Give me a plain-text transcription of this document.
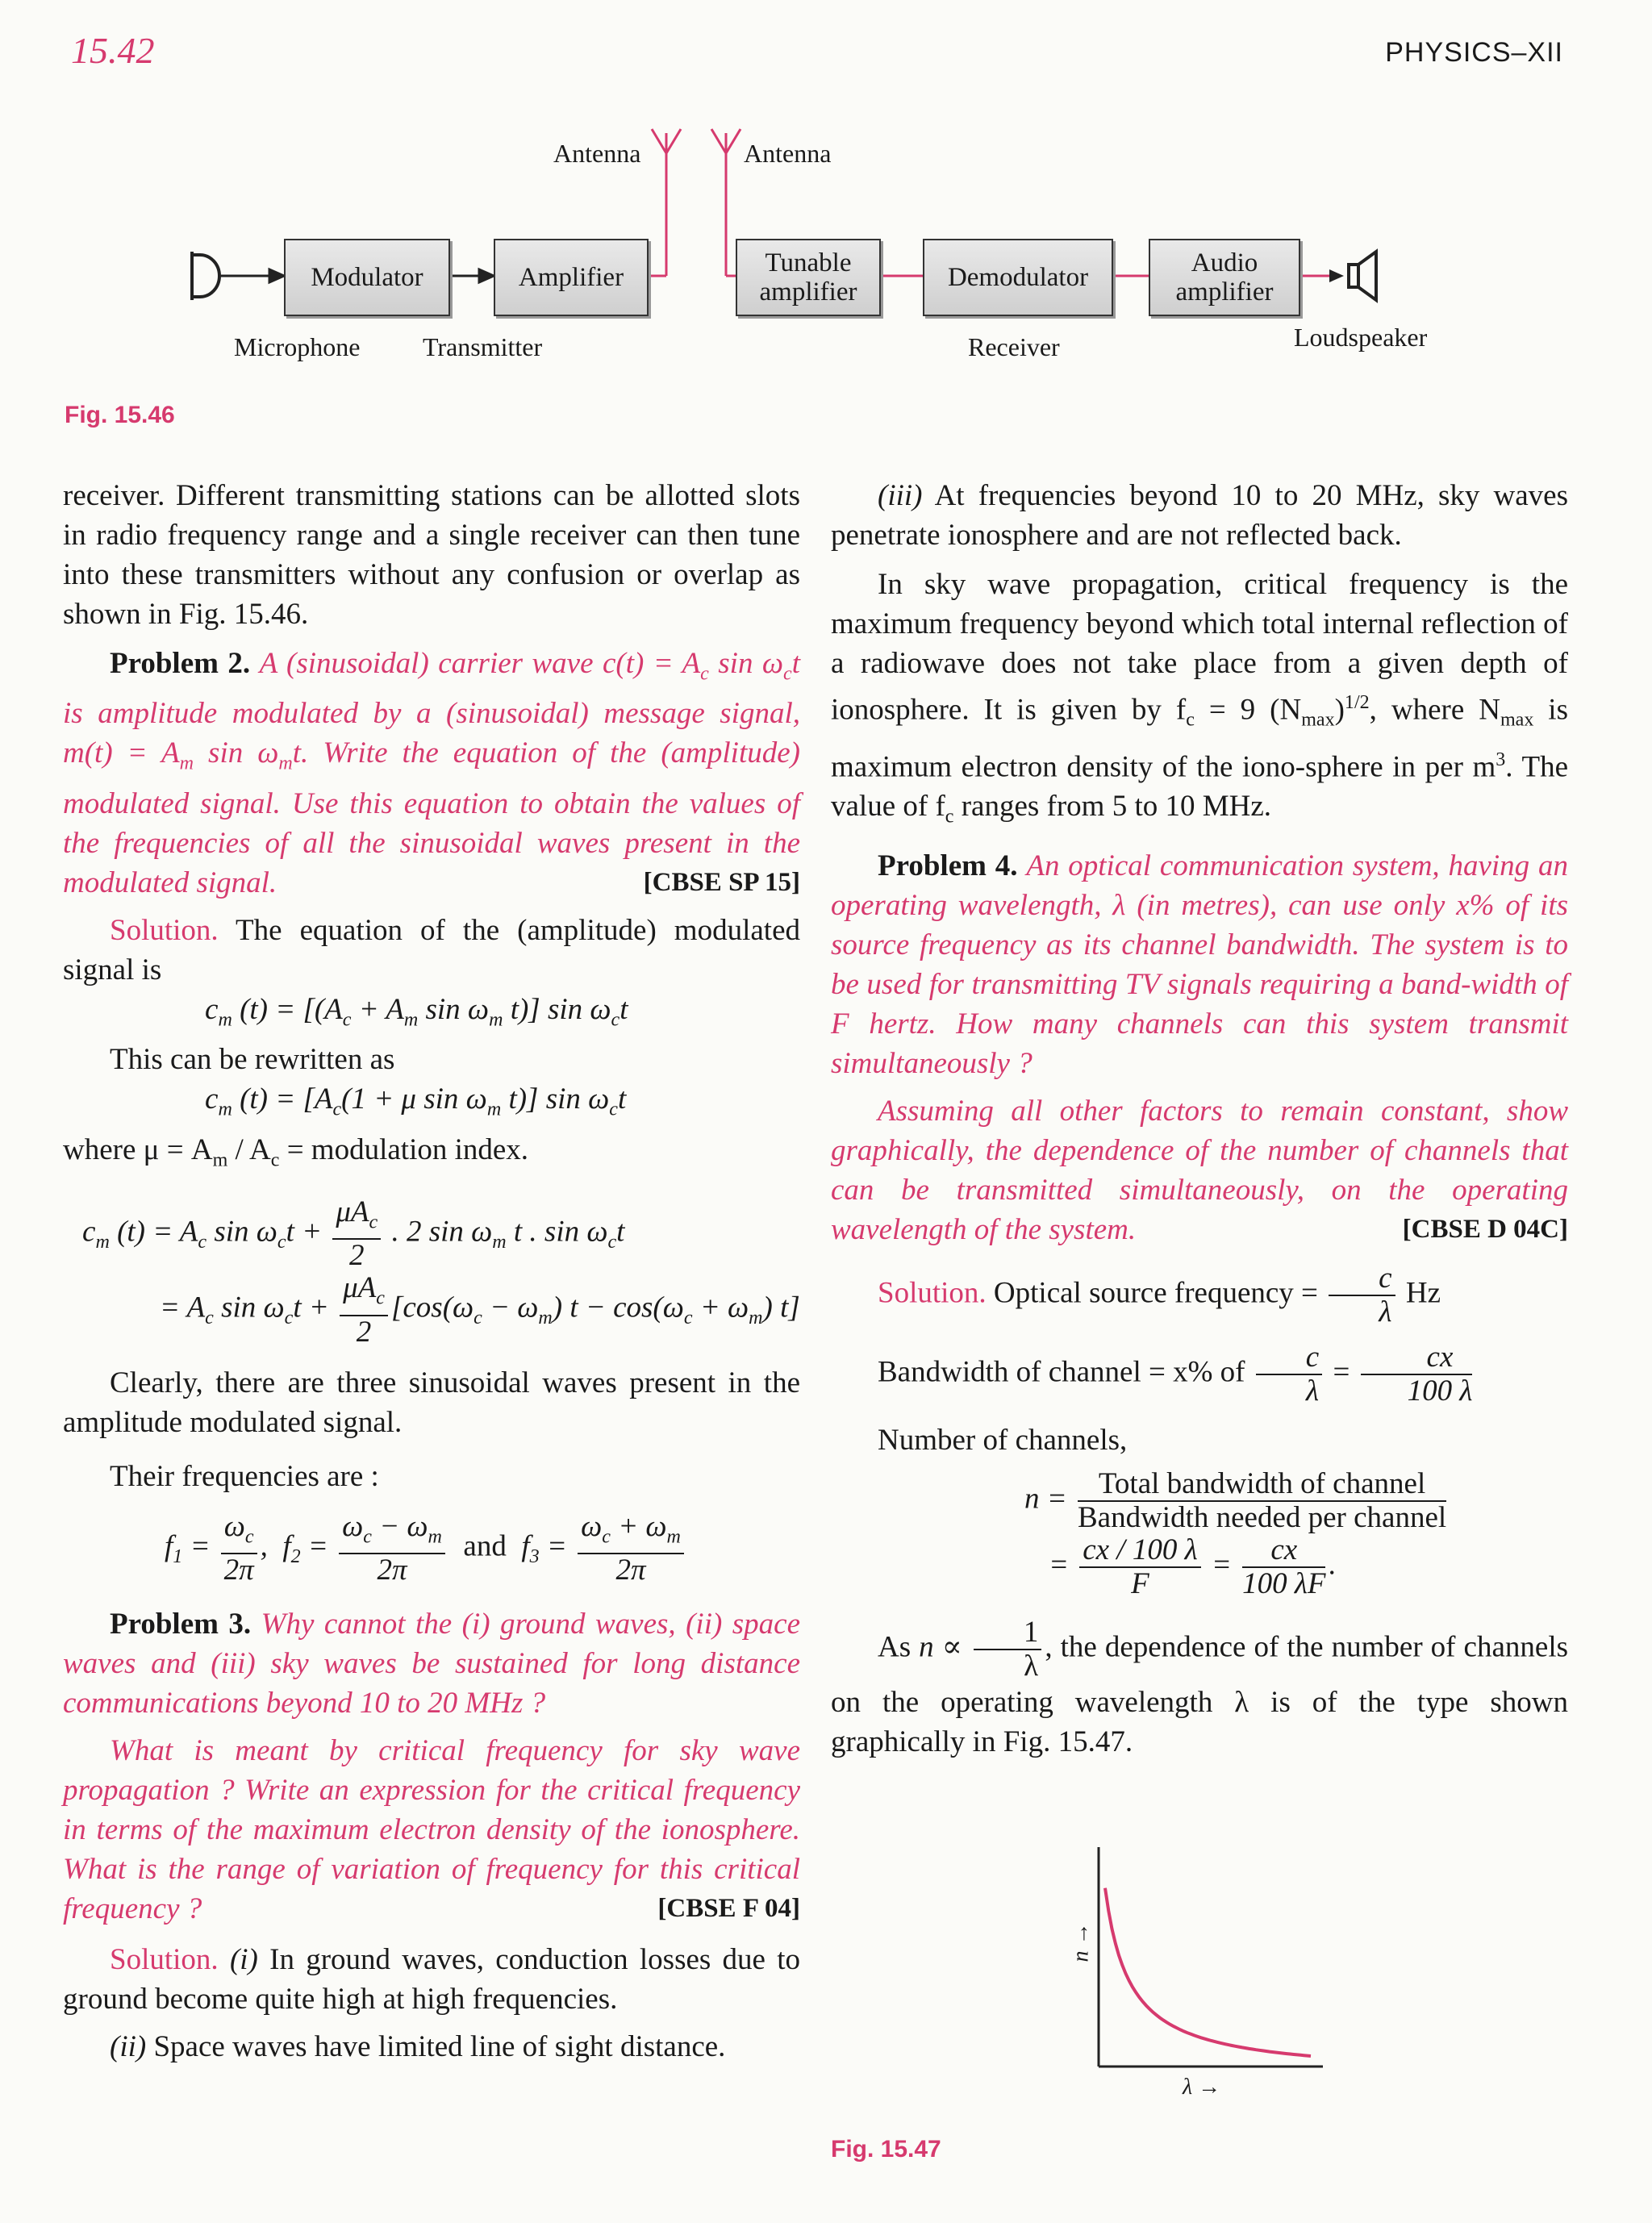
15.42	PHYSICS–XII
Antenna	Antenna
Modulator	Amplifier	Tunable amplifier	Demodulator	Audio amplifier
Microphone Transmitter	Receiver	Loudspeaker
Fig. 15.46

receiver. Different transmitting stations can be allotted slots in radio frequency range and a single receiver can then tune into these transmitters without any confusion or overlap as shown in Fig. 15.46.

Problem 2. A (sinusoidal) carrier wave $c(t) = A_c$ $\sin \omega_ct$ is amplitude modulated by a (sinusoidal) message signal, $m(t) = A_m$ $\sin \omega_mt$. Write the equation of the (amplitude) modulated signal. Use this equation to obtain the values of the frequencies of all the sinusoidal waves present in the modulated signal.	[CBSE SP 15]

Solution. The equation of the (amplitude) modulated signal is

$c_m$ $(t) = [(A_c + A_m$ $\sin \omega_m$ t)] $\sin \omega_ct$

This can be rewritten as

$c_m$ $(t) = [A_c(1 + \mu$ $\sin \omega_m$ t)] $\sin \omega_ct$

where $\mu = A_m / A_c$ = modulation index.

$c_m$ $(t) = A_c$ $\sin \omega_ct + \frac{\mu A_c}{2}$ . 2 $\sin \omega_m$ t . $\sin \omega_ct$

= $A_c$ $\sin \omega_ct + \frac{\mu A_c}{2} [\cos(\omega_c - \omega_m) t - \cos(\omega_c + \omega_m)$ t]

Clearly, there are three sinusoidal waves present in the amplitude modulated signal.

Their frequencies are :

$f_1 = \frac{\omega_c}{2\pi}$ ,  $f_2 = \frac{\omega_c - \omega_m}{2\pi}$ and  $f_3 = \frac{\omega_c + \omega_m}{2\pi}$

Problem 3. Why cannot the (i) ground waves, (ii) space waves and (iii) sky waves be sustained for long distance communications beyond 10 to 20 MHz ?

What is meant by critical frequency for sky wave propagation ? Write an expression for the critical frequency in terms of the maximum electron density of the ionosphere. What is the range of variation of frequency for this critical frequency ?	[CBSE F 04]

Solution. (i) In ground waves, conduction losses due to ground become quite high at high frequencies.

(ii) Space waves have limited line of sight distance.

(iii) At frequencies beyond 10 to 20 MHz, sky waves penetrate ionosphere and are not reflected back.

In sky wave propagation, critical frequency is the maximum frequency beyond which total internal reflection of a radiowave does not take place from a given depth of ionosphere. It is given by $f_c = 9$ $(N_{max})^{1/2}$, where $N_{max}$ is maximum electron density of the iono-sphere in per $m^3$. The value of $f_c$ ranges from 5 to 10 MHz.

Problem 4. An optical communication system, having an operating wavelength, λ (in metres), can use only x% of its source frequency as its channel bandwidth. The system is to be used for transmitting TV signals requiring a band-width of F hertz. How many channels can this system transmit simultaneously ?

Assuming all other factors to remain constant, show graphically, the dependence of the number of channels that can be transmitted simultaneously, on the operating wavelength of the system.	[CBSE D 04C]

Solution. Optical source frequency = $\frac{c}{\lambda}$ Hz

Bandwidth of channel = x% of $\frac{c}{\lambda} = \frac{cx}{100 \lambda}$

Number of channels,

$n = \frac{\text{Total bandwidth of channel}}{\text{Bandwidth needed per channel}}$

= $\frac{cx / 100 \lambda}{F} = \frac{cx}{100 \lambda F}$ .

As $n \propto \frac{1}{\lambda}$ , the dependence of the number of channels on the operating wavelength λ is of the type shown graphically in Fig. 15.47.

n →
λ →
Fig. 15.47
